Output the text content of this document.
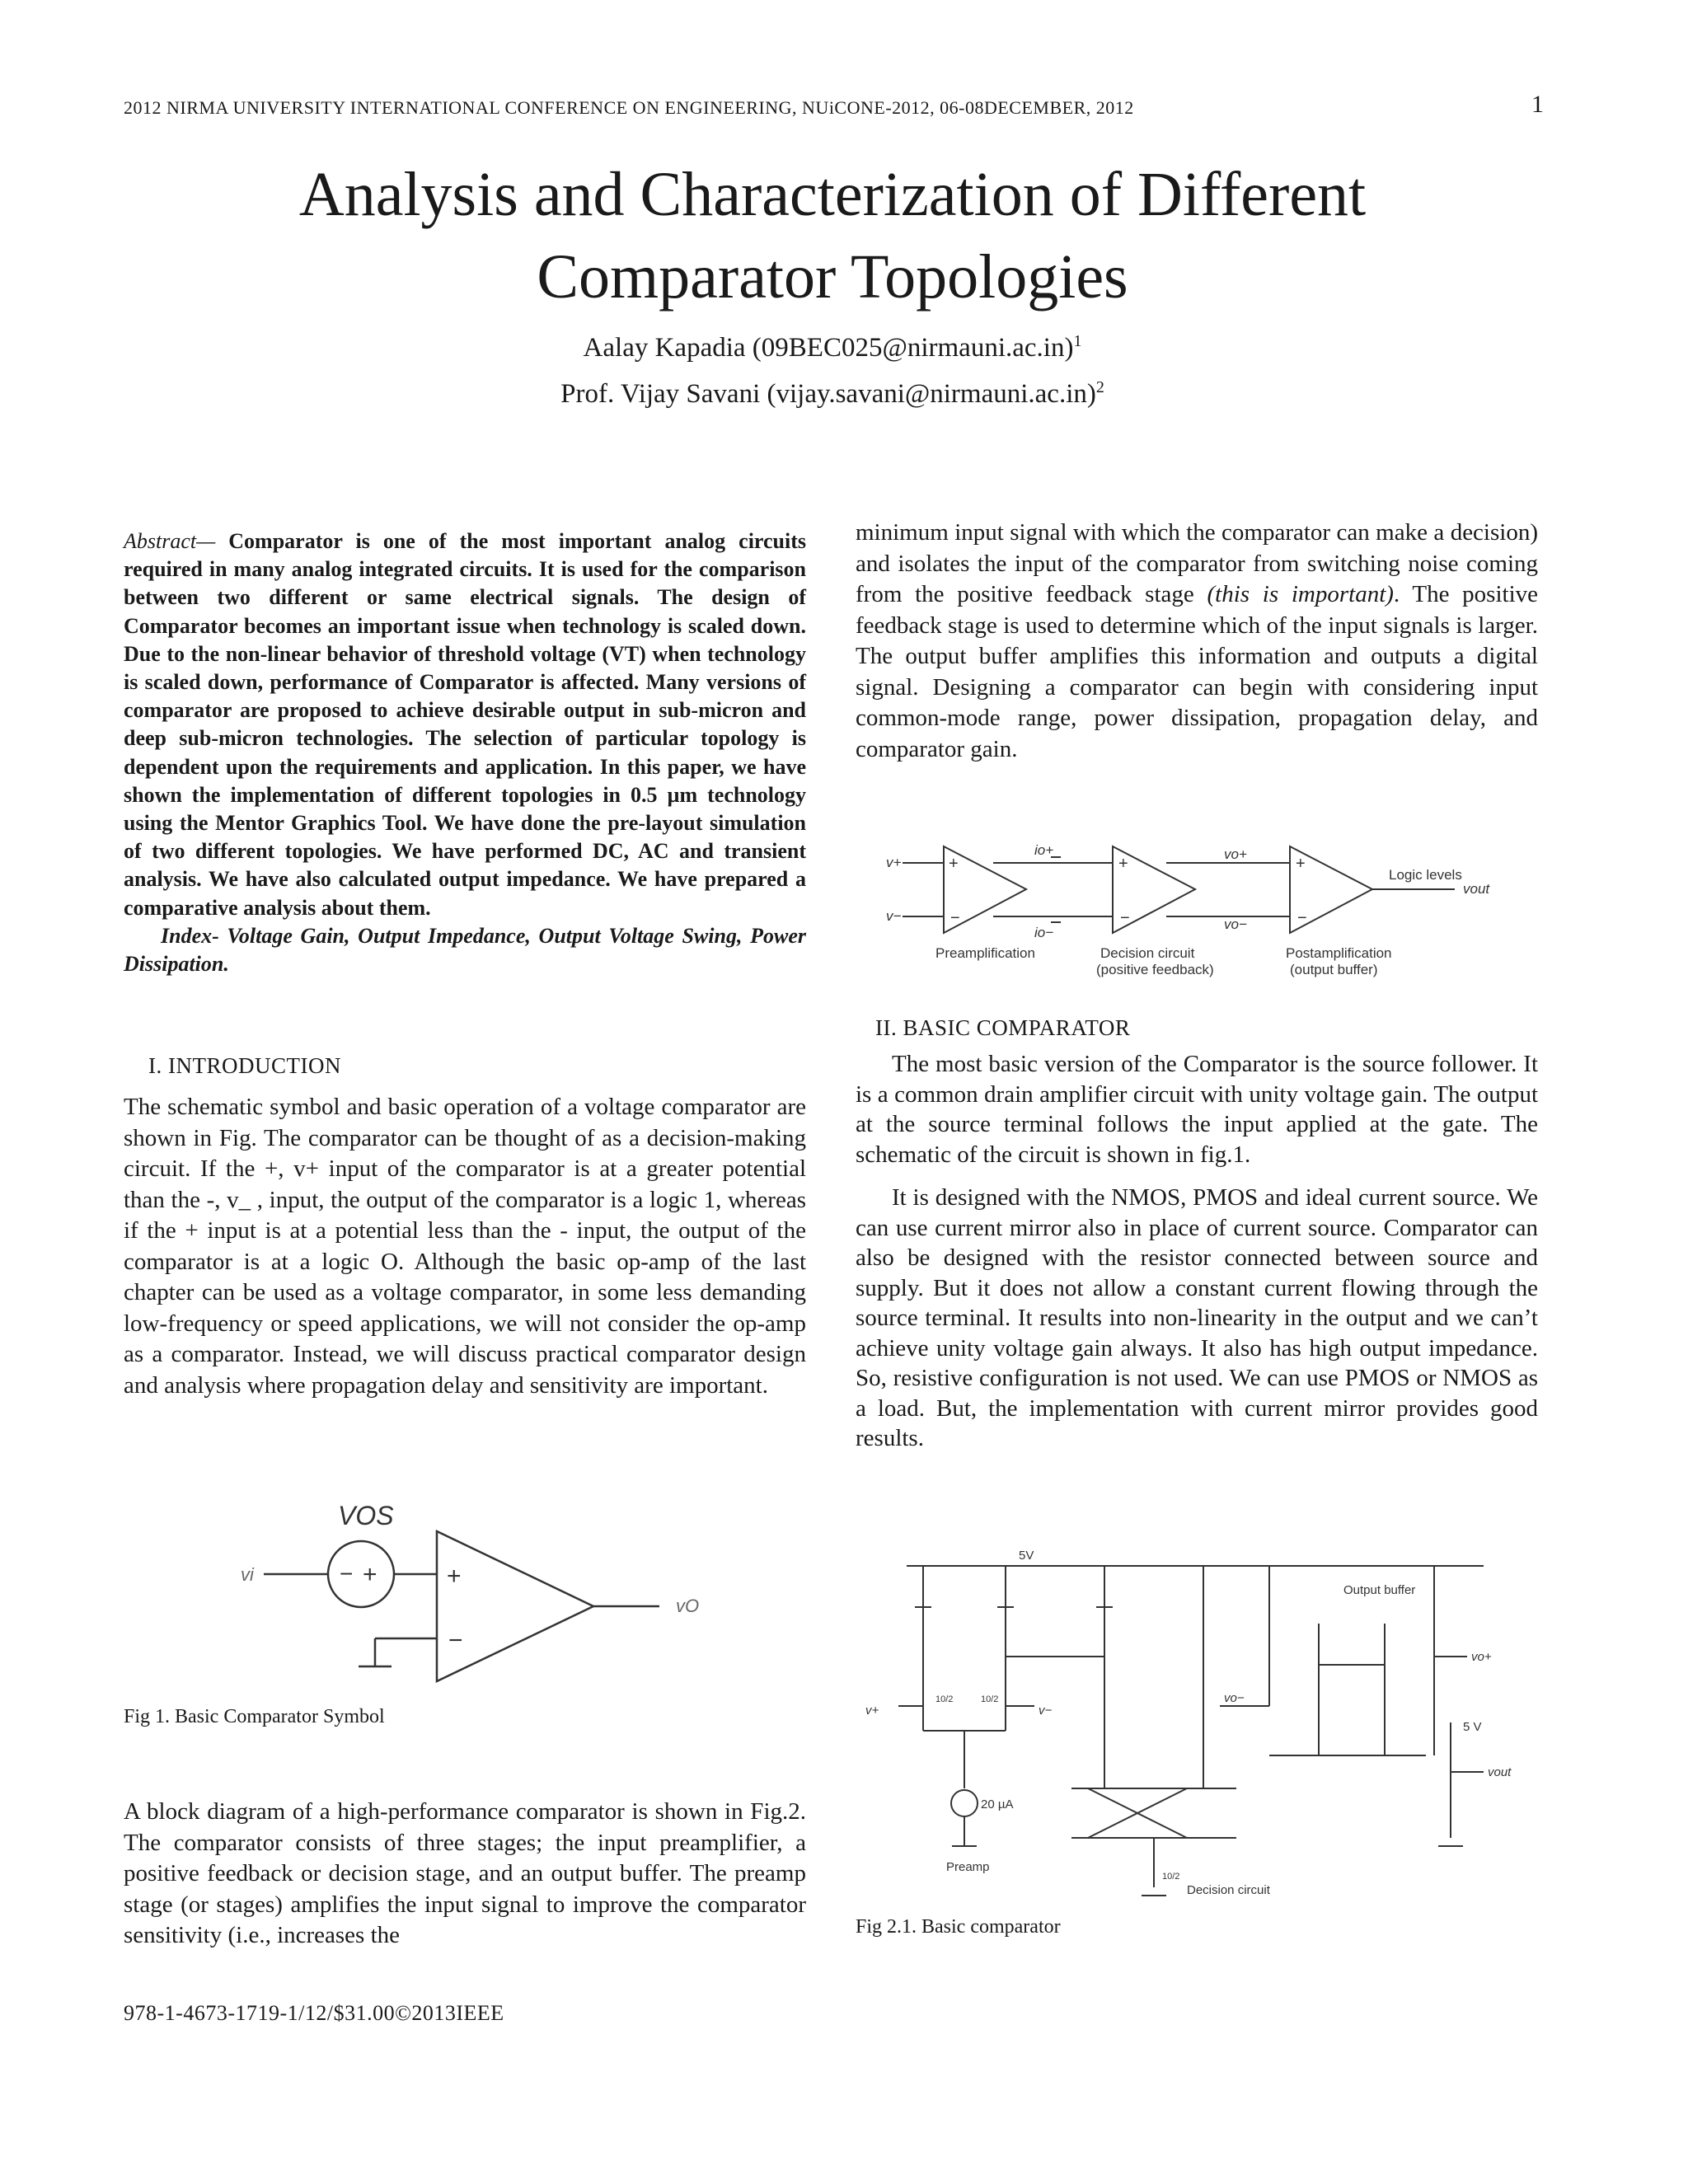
2012 NIRMA UNIVERSITY INTERNATIONAL CONFERENCE ON ENGINEERING, NUiCONE-2012, 06-08DECEMBER, 2012	1
Analysis and Characterization of Different
Comparator Topologies
Aalay Kapadia (09BEC025@nirmauni.ac.in)$^1$
Prof. Vijay Savani (vijay.savani@nirmauni.ac.in)$^2$

Abstract— Comparator is one of the most important analog circuits required in many analog integrated circuits. It is used for the comparison between two different or same electrical signals. The design of Comparator becomes an important issue when technology is scaled down. Due to the non-linear behavior of threshold voltage (VT) when technology is scaled down, performance of Comparator is affected. Many versions of comparator are proposed to achieve desirable output in sub-micron and deep sub-micron technologies. The selection of particular topology is dependent upon the requirements and application. In this paper, we have shown the implementation of different topologies in 0.5 µm technology using the Mentor Graphics Tool. We have done the pre-layout simulation of two different topologies. We have performed DC, AC and transient analysis. We have also calculated output impedance. We have prepared a comparative analysis about them.

Index- Voltage Gain, Output Impedance, Output Voltage Swing, Power Dissipation.

I. INTRODUCTION

The schematic symbol and basic operation of a voltage comparator are shown in Fig. The comparator can be thought of as a decision-making circuit. If the +, v+ input of the comparator is at a greater potential than the -, v_ , input, the output of the comparator is a logic 1, whereas if the + input is at a potential less than the - input, the output of the comparator is at a logic O. Although the basic op-amp of the last chapter can be used as a voltage comparator, in some less demanding low-frequency or speed applications, we will not consider the op-amp as a comparator. Instead, we will discuss practical comparator design and analysis where propagation delay and sensitivity are important.

VOS
vi
vO
− +	+
−
Fig 1. Basic Comparator Symbol

A block diagram of a high-performance comparator is shown in Fig.2. The comparator consists of three stages; the input preamplifier, a positive feedback or decision stage, and an output buffer. The preamp stage (or stages) amplifies the input signal to improve the comparator sensitivity (i.e., increases the

minimum input signal with which the comparator can make a decision) and isolates the input of the comparator from switching noise coming from the positive feedback stage (this is important). The positive feedback stage is used to determine which of the input signals is larger. The output buffer amplifies this information and outputs a digital signal. Designing a comparator can begin with considering input common-mode range, power dissipation, propagation delay, and comparator gain.

v+
v−
io+
io−
vo+
vo−
Logic levels
vout
Preamplification	Decision circuit
(positive feedback)
Postamplification
(output buffer)
+
−
+
−
+
−
II. BASIC COMPARATOR

The most basic version of the Comparator is the source follower. It is a common drain amplifier circuit with unity voltage gain. The output at the source terminal follows the input applied at the gate. The schematic of the circuit is shown in fig.1.

It is designed with the NMOS, PMOS and ideal current source. We can use current mirror also in place of current source. Comparator can also be designed with the resistor connected between source and supply. But it does not allow a constant current flowing through the source terminal. It results into non-linearity in the output and we can’t achieve unity voltage gain always. It also has high output impedance. So, resistive configuration is not used. We can use PMOS or NMOS as a load. But, the implementation with current mirror provides good results.

5V
Output buffer
vo−
vo+
5 V
vout
v+	v−
20 µA
Preamp
Decision circuit
10/2	10/2
10/2
Fig 2.1. Basic comparator
978-1-4673-1719-1/12/$31.00©2013IEEE
